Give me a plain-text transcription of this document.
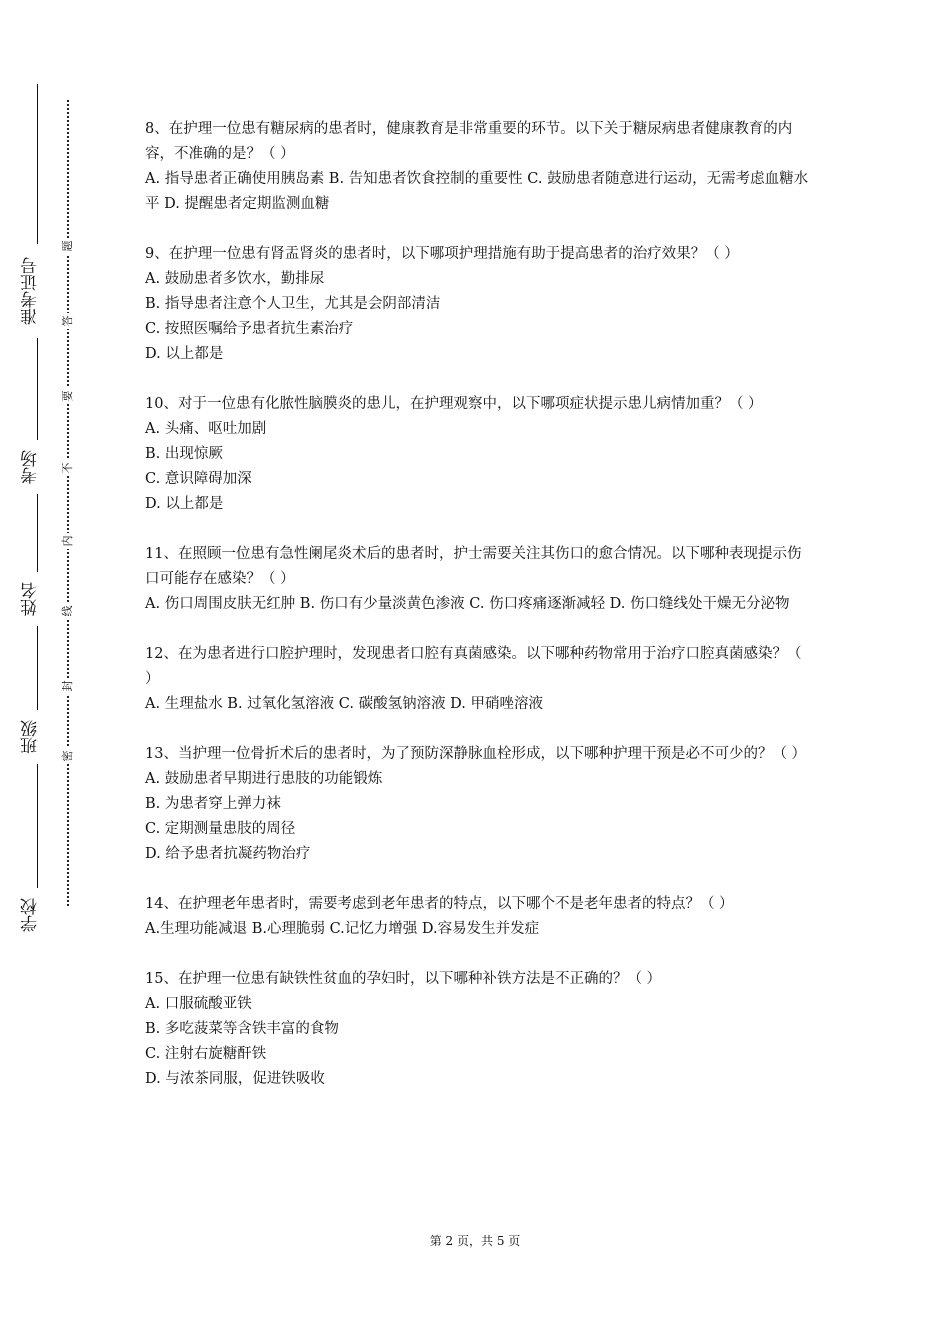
准考证号
考场
姓名
班级
学校
题
答
要
不
内
线
封
密

8、在护理一位患有糖尿病的患者时，健康教育是非常重要的环节。以下关于糖尿病患者健康教育的内容，不准确的是？（ ）

A. 指导患者正确使用胰岛素 B. 告知患者饮食控制的重要性 C. 鼓励患者随意进行运动，无需考虑血糖水平 D. 提醒患者定期监测血糖

9、在护理一位患有肾盂肾炎的患者时，以下哪项护理措施有助于提高患者的治疗效果？（ ）

A. 鼓励患者多饮水，勤排尿

B. 指导患者注意个人卫生，尤其是会阴部清洁

C. 按照医嘱给予患者抗生素治疗

D. 以上都是

10、对于一位患有化脓性脑膜炎的患儿，在护理观察中，以下哪项症状提示患儿病情加重？（ ）

A. 头痛、呕吐加剧

B. 出现惊厥

C. 意识障碍加深

D. 以上都是

11、在照顾一位患有急性阑尾炎术后的患者时，护士需要关注其伤口的愈合情况。以下哪种表现提示伤口可能存在感染？（ ）

A. 伤口周围皮肤无红肿 B. 伤口有少量淡黄色渗液 C. 伤口疼痛逐渐减轻 D. 伤口缝线处干燥无分泌物

12、在为患者进行口腔护理时，发现患者口腔有真菌感染。以下哪种药物常用于治疗口腔真菌感染？（ ）

A. 生理盐水 B. 过氧化氢溶液 C. 碳酸氢钠溶液 D. 甲硝唑溶液

13、当护理一位骨折术后的患者时，为了预防深静脉血栓形成，以下哪种护理干预是必不可少的？（ ）

A. 鼓励患者早期进行患肢的功能锻炼

B. 为患者穿上弹力袜

C. 定期测量患肢的周径

D. 给予患者抗凝药物治疗

14、在护理老年患者时，需要考虑到老年患者的特点，以下哪个不是老年患者的特点？（ ）

A.生理功能减退 B.心理脆弱 C.记忆力增强 D.容易发生并发症

15、在护理一位患有缺铁性贫血的孕妇时，以下哪种补铁方法是不正确的？（ ）

A. 口服硫酸亚铁

B. 多吃菠菜等含铁丰富的食物

C. 注射右旋糖酐铁

D. 与浓茶同服，促进铁吸收

第 2 页，共 5 页
